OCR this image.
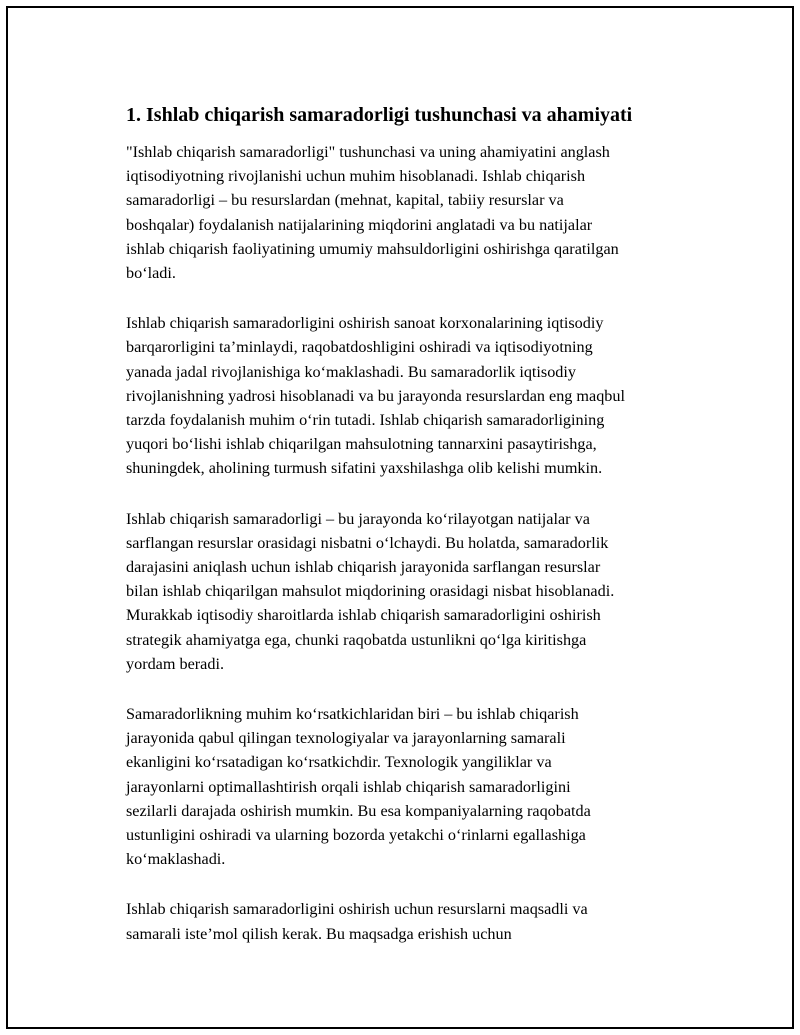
1. Ishlab chiqarish samaradorligi tushunchasi va ahamiyati

"Ishlab chiqarish samaradorligi" tushunchasi va uning ahamiyatini anglash
iqtisodiyotning rivojlanishi uchun muhim hisoblanadi. Ishlab chiqarish
samaradorligi – bu resurslardan (mehnat, kapital, tabiiy resurslar va
boshqalar) foydalanish natijalarining miqdorini anglatadi va bu natijalar
ishlab chiqarish faoliyatining umumiy mahsuldorligini oshirishga qaratilgan
bo‘ladi.

Ishlab chiqarish samaradorligini oshirish sanoat korxonalarining iqtisodiy
barqarorligini ta’minlaydi, raqobatdoshligini oshiradi va iqtisodiyotning
yanada jadal rivojlanishiga ko‘maklashadi. Bu samaradorlik iqtisodiy
rivojlanishning yadrosi hisoblanadi va bu jarayonda resurslardan eng maqbul
tarzda foydalanish muhim o‘rin tutadi. Ishlab chiqarish samaradorligining
yuqori bo‘lishi ishlab chiqarilgan mahsulotning tannarxini pasaytirishga,
shuningdek, aholining turmush sifatini yaxshilashga olib kelishi mumkin.

Ishlab chiqarish samaradorligi – bu jarayonda ko‘rilayotgan natijalar va
sarflangan resurslar orasidagi nisbatni o‘lchaydi. Bu holatda, samaradorlik
darajasini aniqlash uchun ishlab chiqarish jarayonida sarflangan resurslar
bilan ishlab chiqarilgan mahsulot miqdorining orasidagi nisbat hisoblanadi.
Murakkab iqtisodiy sharoitlarda ishlab chiqarish samaradorligini oshirish
strategik ahamiyatga ega, chunki raqobatda ustunlikni qo‘lga kiritishga
yordam beradi.

Samaradorlikning muhim ko‘rsatkichlaridan biri – bu ishlab chiqarish
jarayonida qabul qilingan texnologiyalar va jarayonlarning samarali
ekanligini ko‘rsatadigan ko‘rsatkichdir. Texnologik yangiliklar va
jarayonlarni optimallashtirish orqali ishlab chiqarish samaradorligini
sezilarli darajada oshirish mumkin. Bu esa kompaniyalarning raqobatda
ustunligini oshiradi va ularning bozorda yetakchi o‘rinlarni egallashiga
ko‘maklashadi.

Ishlab chiqarish samaradorligini oshirish uchun resurslarni maqsadli va
samarali iste’mol qilish kerak. Bu maqsadga erishish uchun
